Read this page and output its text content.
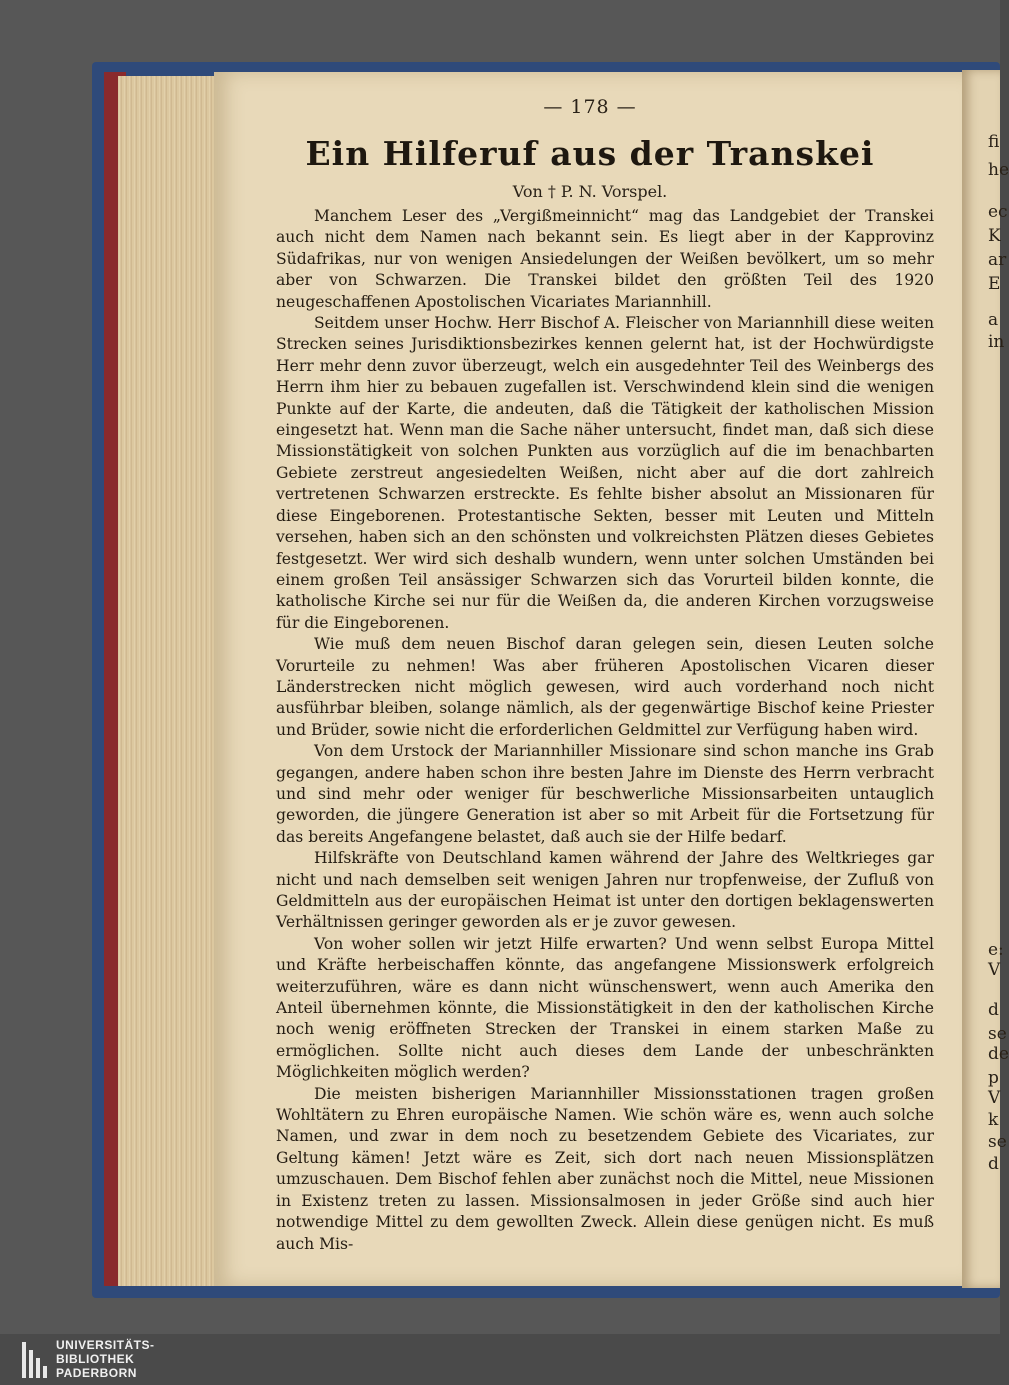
— 178 —
Ein Hilferuf aus der Transkei
Von † P. N. Vorspel.

Manchem Leser des „Vergißmeinnicht“ mag das Landgebiet der Transkei auch nicht dem Namen nach bekannt sein. Es liegt aber in der Kapprovinz Südafrikas, nur von wenigen Ansiedelungen der Weißen bevölkert, um so mehr aber von Schwarzen. Die Transkei bildet den größten Teil des 1920 neugeschaffenen Apostolischen Vicariates Mariannhill.

Seitdem unser Hochw. Herr Bischof A. Fleischer von Mariannhill diese weiten Strecken seines Jurisdiktionsbezirkes kennen gelernt hat, ist der Hochwürdigste Herr mehr denn zuvor überzeugt, welch ein ausgedehnter Teil des Weinbergs des Herrn ihm hier zu bebauen zugefallen ist. Verschwindend klein sind die wenigen Punkte auf der Karte, die andeuten, daß die Tätigkeit der katholischen Mission eingesetzt hat. Wenn man die Sache näher untersucht, findet man, daß sich diese Missionstätigkeit von solchen Punkten aus vorzüglich auf die im benachbarten Gebiete zerstreut angesiedelten Weißen, nicht aber auf die dort zahlreich vertretenen Schwarzen erstreckte. Es fehlte bisher absolut an Missionaren für diese Eingeborenen. Protestantische Sekten, besser mit Leuten und Mitteln versehen, haben sich an den schönsten und volkreichsten Plätzen dieses Gebietes festgesetzt. Wer wird sich deshalb wundern, wenn unter solchen Umständen bei einem großen Teil ansässiger Schwarzen sich das Vorurteil bilden konnte, die katholische Kirche sei nur für die Weißen da, die anderen Kirchen vorzugsweise für die Eingeborenen.

Wie muß dem neuen Bischof daran gelegen sein, diesen Leuten solche Vorurteile zu nehmen! Was aber früheren Apostolischen Vicaren dieser Länderstrecken nicht möglich gewesen, wird auch vorderhand noch nicht ausführbar bleiben, solange nämlich, als der gegenwärtige Bischof keine Priester und Brüder, sowie nicht die erforderlichen Geldmittel zur Verfügung haben wird.

Von dem Urstock der Mariannhiller Missionare sind schon manche ins Grab gegangen, andere haben schon ihre besten Jahre im Dienste des Herrn verbracht und sind mehr oder weniger für beschwerliche Missionsarbeiten untauglich geworden, die jüngere Generation ist aber so mit Arbeit für die Fortsetzung für das bereits Angefangene belastet, daß auch sie der Hilfe bedarf.

Hilfskräfte von Deutschland kamen während der Jahre des Weltkrieges gar nicht und nach demselben seit wenigen Jahren nur tropfenweise, der Zufluß von Geldmitteln aus der europäischen Heimat ist unter den dortigen beklagenswerten Verhältnissen geringer geworden als er je zuvor gewesen.

Von woher sollen wir jetzt Hilfe erwarten? Und wenn selbst Europa Mittel und Kräfte herbeischaffen könnte, das angefangene Missionswerk erfolgreich weiterzuführen, wäre es dann nicht wünschenswert, wenn auch Amerika den Anteil übernehmen könnte, die Missionstätigkeit in den der katholischen Kirche noch wenig eröffneten Strecken der Transkei in einem starken Maße zu ermöglichen. Sollte nicht auch dieses dem Lande der unbeschränkten Möglichkeiten möglich werden?

Die meisten bisherigen Mariannhiller Missionsstationen tragen großen Wohltätern zu Ehren europäische Namen. Wie schön wäre es, wenn auch solche Namen, und zwar in dem noch zu besetzendem Gebiete des Vicariates, zur Geltung kämen! Jetzt wäre es Zeit, sich dort nach neuen Missionsplätzen umzuschauen. Dem Bischof fehlen aber zunächst noch die Mittel, neue Missionen in Existenz treten zu lassen. Missionsalmosen in jeder Größe sind auch hier notwendige Mittel zu dem gewollten Zweck. Allein diese genügen nicht. Es muß auch Mis-

fi
he
ec
K
ar
E
a
in
e:
V
d
se
de
p
V
k
se
d
UNIVERSITÄTS-
BIBLIOTHEK
PADERBORN
